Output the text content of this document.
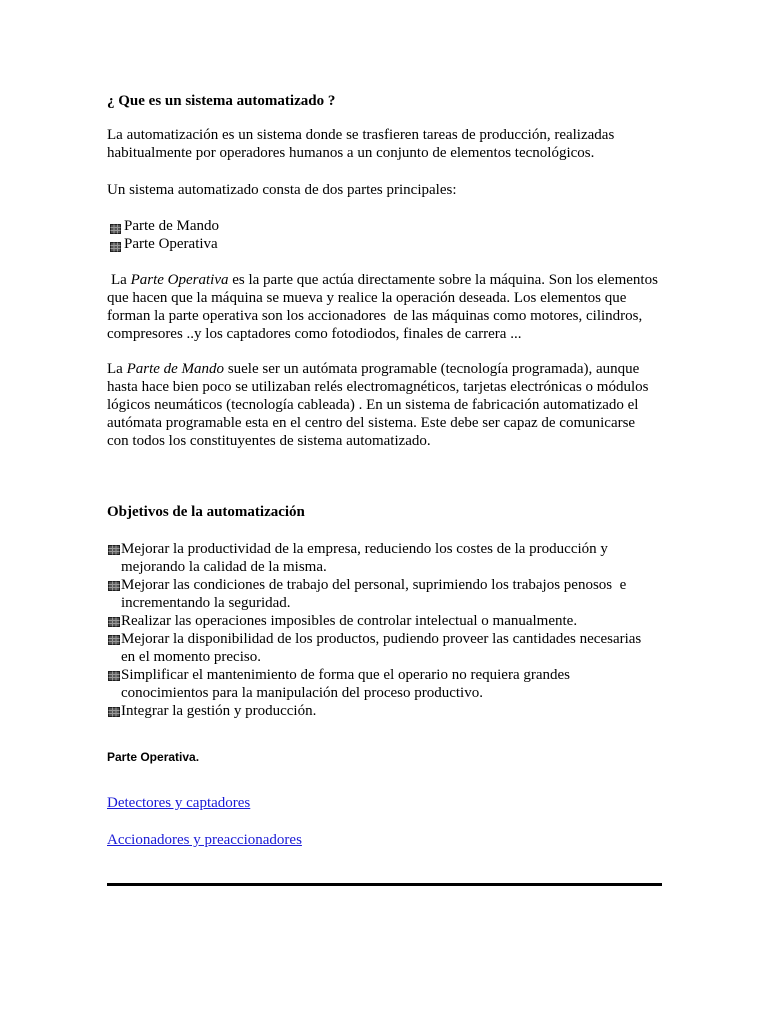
¿ Que es un sistema automatizado ?
La automatización es un sistema donde se trasfieren tareas de producción, realizadas
habitualmente por operadores humanos a un conjunto de elementos tecnológicos.
Un sistema automatizado consta de dos partes principales:
Parte de Mando
Parte Operativa
La Parte Operativa es la parte que actúa directamente sobre la máquina. Son los elementos
que hacen que la máquina se mueva y realice la operación deseada. Los elementos que
forman la parte operativa son los accionadores  de las máquinas como motores, cilindros,
compresores ..y los captadores como fotodiodos, finales de carrera ...
La Parte de Mando suele ser un autómata programable (tecnología programada), aunque
hasta hace bien poco se utilizaban relés electromagnéticos, tarjetas electrónicas o módulos
lógicos neumáticos (tecnología cableada) . En un sistema de fabricación automatizado el
autómata programable esta en el centro del sistema. Este debe ser capaz de comunicarse
con todos los constituyentes de sistema automatizado.
Objetivos de la automatización
Mejorar la productividad de la empresa, reduciendo los costes de la producción y
mejorando la calidad de la misma.
Mejorar las condiciones de trabajo del personal, suprimiendo los trabajos penosos  e
incrementando la seguridad.
Realizar las operaciones imposibles de controlar intelectual o manualmente.
Mejorar la disponibilidad de los productos, pudiendo proveer las cantidades necesarias
en el momento preciso.
Simplificar el mantenimiento de forma que el operario no requiera grandes
conocimientos para la manipulación del proceso productivo.
Integrar la gestión y producción.
Parte Operativa.
Detectores y captadores
Accionadores y preaccionadores
